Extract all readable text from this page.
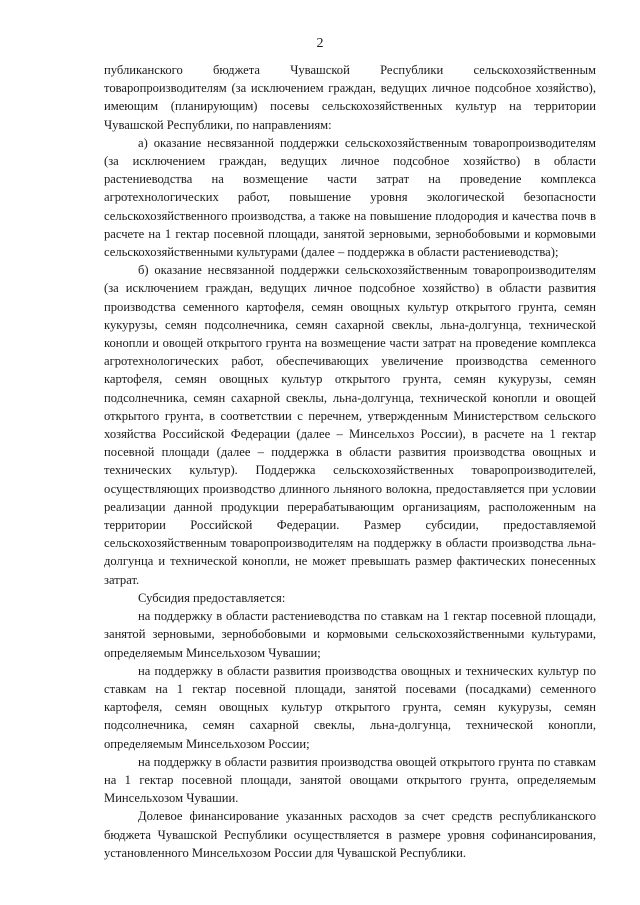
2

публиканского бюджета Чувашской Республики сельскохозяйственным товаропроизводителям (за исключением граждан, ведущих личное подсобное хозяйство), имеющим (планирующим) посевы сельскохозяйственных культур на территории Чувашской Республики, по направлениям:

а) оказание несвязанной поддержки сельскохозяйственным товаропроизводителям (за исключением граждан, ведущих личное подсобное хозяйство) в области растениеводства на возмещение части затрат на проведение комплекса агротехнологических работ, повышение уровня экологической безопасности сельскохозяйственного производства, а также на повышение плодородия и качества почв в расчете на 1 гектар посевной площади, занятой зерновыми, зернобобовыми и кормовыми сельскохозяйственными культурами (далее – поддержка в области растениеводства);

б) оказание несвязанной поддержки сельскохозяйственным товаропроизводителям (за исключением граждан, ведущих личное подсобное хозяйство) в области развития производства семенного картофеля, семян овощных культур открытого грунта, семян кукурузы, семян подсолнечника, семян сахарной свеклы, льна-долгунца, технической конопли и овощей открытого грунта на возмещение части затрат на проведение комплекса агротехнологических работ, обеспечивающих увеличение производства семенного картофеля, семян овощных культур открытого грунта, семян кукурузы, семян подсолнечника, семян сахарной свеклы, льна-долгунца, технической конопли и овощей открытого грунта, в соответствии с перечнем, утвержденным Министерством сельского хозяйства Российской Федерации (далее – Минсельхоз России), в расчете на 1 гектар посевной площади (далее – поддержка в области развития производства овощных и технических культур). Поддержка сельскохозяйственных товаропроизводителей, осуществляющих производство длинного льняного волокна, предоставляется при условии реализации данной продукции перерабатывающим организациям, расположенным на территории Российской Федерации. Размер субсидии, предоставляемой сельскохозяйственным товаропроизводителям на поддержку в области производства льна-долгунца и технической конопли, не может превышать размер фактических понесенных затрат.

Субсидия предоставляется:

на поддержку в области растениеводства по ставкам на 1 гектар посевной площади, занятой зерновыми, зернобобовыми и кормовыми сельскохозяйственными культурами, определяемым Минсельхозом Чувашии;

на поддержку в области развития производства овощных и технических культур по ставкам на 1 гектар посевной площади, занятой посевами (посадками) семенного картофеля, семян овощных культур открытого грунта, семян кукурузы, семян подсолнечника, семян сахарной свеклы, льна-долгунца, технической конопли, определяемым Минсельхозом России;

на поддержку в области развития производства овощей открытого грунта по ставкам на 1 гектар посевной площади, занятой овощами открытого грунта, определяемым Минсельхозом Чувашии.

Долевое финансирование указанных расходов за счет средств республиканского бюджета Чувашской Республики осуществляется в размере уровня софинансирования, установленного Минсельхозом России для Чувашской Республики.
